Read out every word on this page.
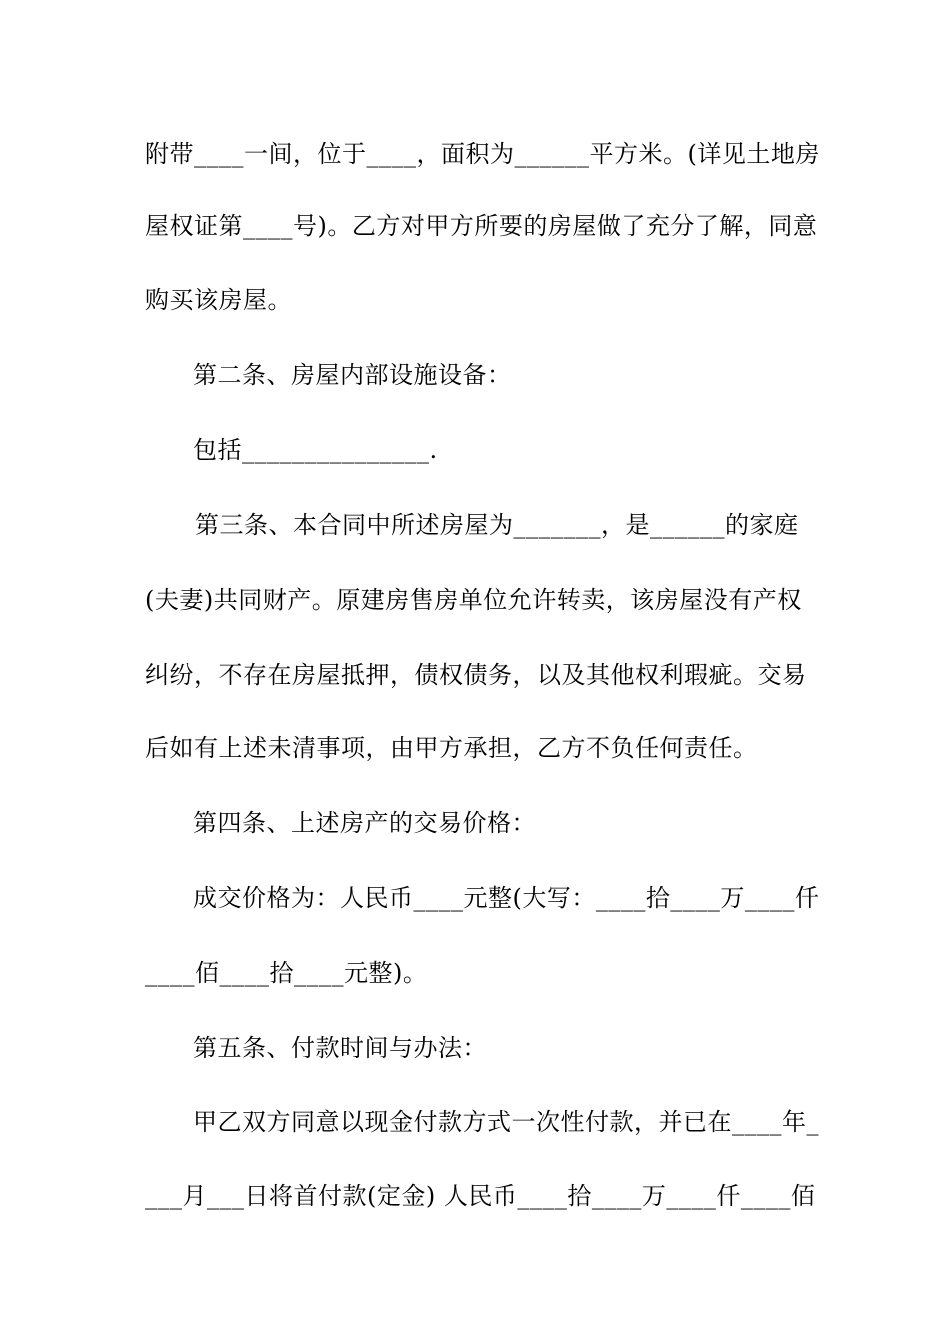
附带____一间，位于____，面积为______平方米。(详见土地房
屋权证第____号)。乙方对甲方所要的房屋做了充分了解，同意
购买该房屋。
第二条、房屋内部设施设备：
包括_______________.
第三条、本合同中所述房屋为_______，是______的家庭
(夫妻)共同财产。原建房售房单位允许转卖，该房屋没有产权
纠纷，不存在房屋抵押，债权债务，以及其他权利瑕疵。交易
后如有上述未清事项，由甲方承担，乙方不负任何责任。
第四条、上述房产的交易价格：
成交价格为：人民币____元整(大写：____拾____万____仟
____佰____拾____元整)。
第五条、付款时间与办法：
甲乙双方同意以现金付款方式一次性付款，并已在____年_
___月___日将首付款(定金) 人民币____拾____万____仟____佰
